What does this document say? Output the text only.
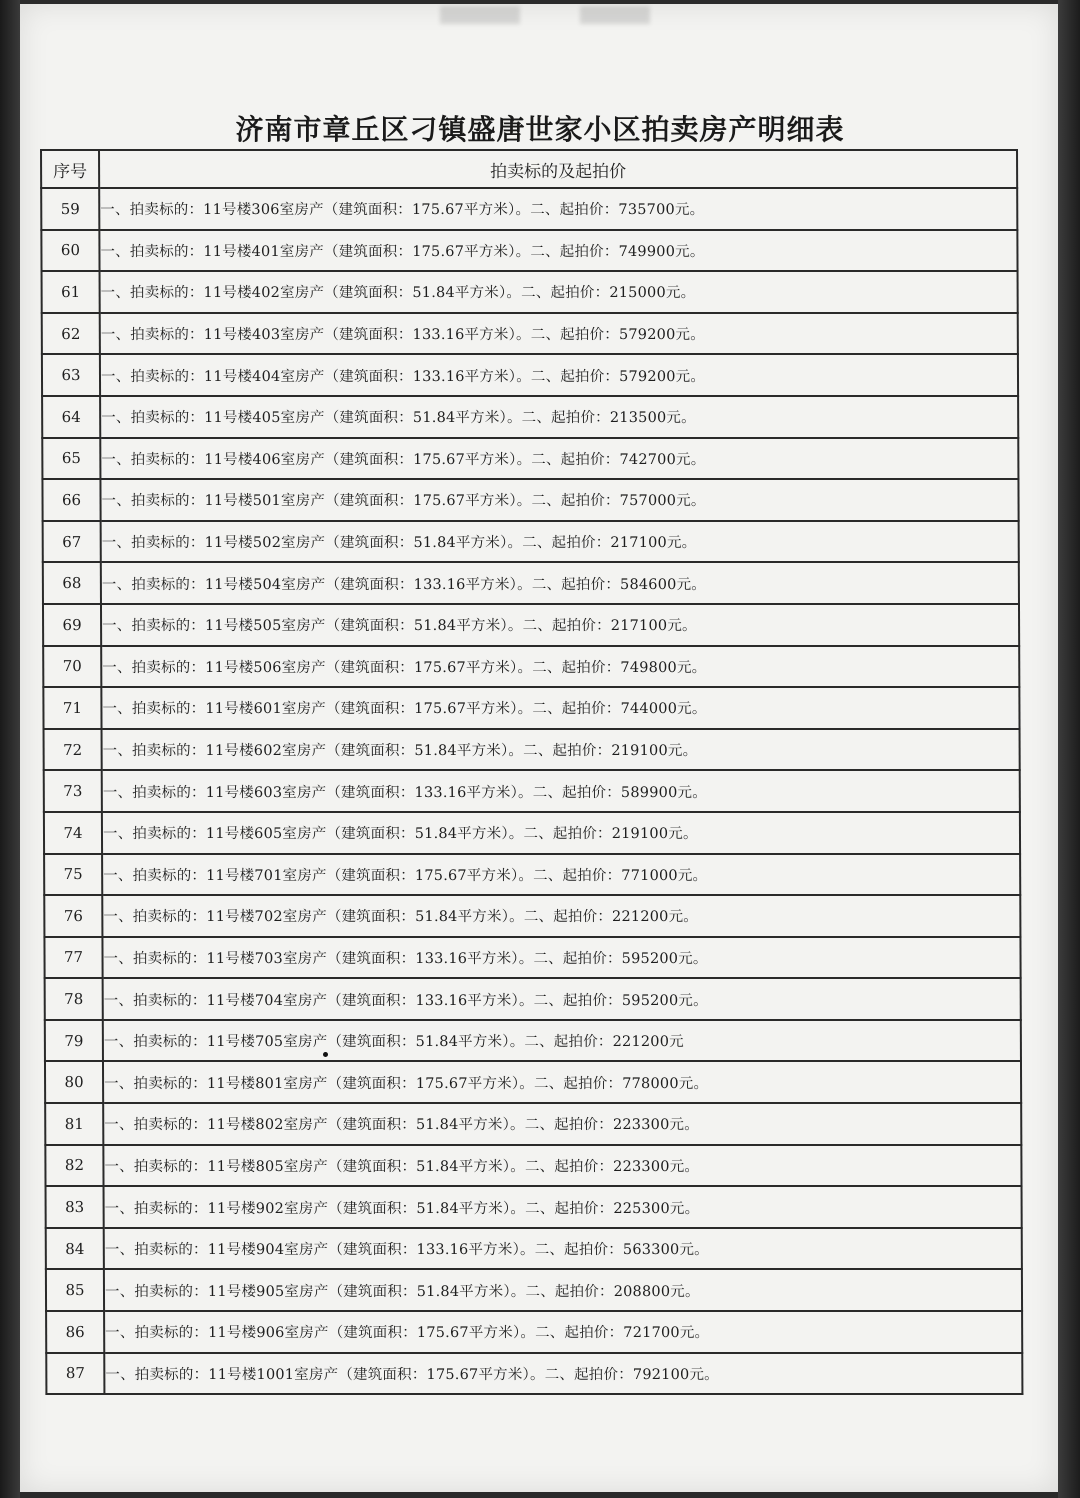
济南市章丘区刁镇盛唐世家小区拍卖房产明细表
序号	拍卖标的及起拍价
59	一、拍卖标的：11号楼306室房产（建筑面积：175.67平方米）。二、起拍价：735700元。
60	一、拍卖标的：11号楼401室房产（建筑面积：175.67平方米）。二、起拍价：749900元。
61	一、拍卖标的：11号楼402室房产（建筑面积：51.84平方米）。二、起拍价：215000元。
62	一、拍卖标的：11号楼403室房产（建筑面积：133.16平方米）。二、起拍价：579200元。
63	一、拍卖标的：11号楼404室房产（建筑面积：133.16平方米）。二、起拍价：579200元。
64	一、拍卖标的：11号楼405室房产（建筑面积：51.84平方米）。二、起拍价：213500元。
65	一、拍卖标的：11号楼406室房产（建筑面积：175.67平方米）。二、起拍价：742700元。
66	一、拍卖标的：11号楼501室房产（建筑面积：175.67平方米）。二、起拍价：757000元。
67	一、拍卖标的：11号楼502室房产（建筑面积：51.84平方米）。二、起拍价：217100元。
68	一、拍卖标的：11号楼504室房产（建筑面积：133.16平方米）。二、起拍价：584600元。
69	一、拍卖标的：11号楼505室房产（建筑面积：51.84平方米）。二、起拍价：217100元。
70	一、拍卖标的：11号楼506室房产（建筑面积：175.67平方米）。二、起拍价：749800元。
71	一、拍卖标的：11号楼601室房产（建筑面积：175.67平方米）。二、起拍价：744000元。
72	一、拍卖标的：11号楼602室房产（建筑面积：51.84平方米）。二、起拍价：219100元。
73	一、拍卖标的：11号楼603室房产（建筑面积：133.16平方米）。二、起拍价：589900元。
74	一、拍卖标的：11号楼605室房产（建筑面积：51.84平方米）。二、起拍价：219100元。
75	一、拍卖标的：11号楼701室房产（建筑面积：175.67平方米）。二、起拍价：771000元。
76	一、拍卖标的：11号楼702室房产（建筑面积：51.84平方米）。二、起拍价：221200元。
77	一、拍卖标的：11号楼703室房产（建筑面积：133.16平方米）。二、起拍价：595200元。
78	一、拍卖标的：11号楼704室房产（建筑面积：133.16平方米）。二、起拍价：595200元。
79	一、拍卖标的：11号楼705室房产（建筑面积：51.84平方米）。二、起拍价：221200元
80	一、拍卖标的：11号楼801室房产（建筑面积：175.67平方米）。二、起拍价：778000元。
81	一、拍卖标的：11号楼802室房产（建筑面积：51.84平方米）。二、起拍价：223300元。
82	一、拍卖标的：11号楼805室房产（建筑面积：51.84平方米）。二、起拍价：223300元。
83	一、拍卖标的：11号楼902室房产（建筑面积：51.84平方米）。二、起拍价：225300元。
84	一、拍卖标的：11号楼904室房产（建筑面积：133.16平方米）。二、起拍价：563300元。
85	一、拍卖标的：11号楼905室房产（建筑面积：51.84平方米）。二、起拍价：208800元。
86	一、拍卖标的：11号楼906室房产（建筑面积：175.67平方米）。二、起拍价：721700元。
87	一、拍卖标的：11号楼1001室房产（建筑面积：175.67平方米）。二、起拍价：792100元。
